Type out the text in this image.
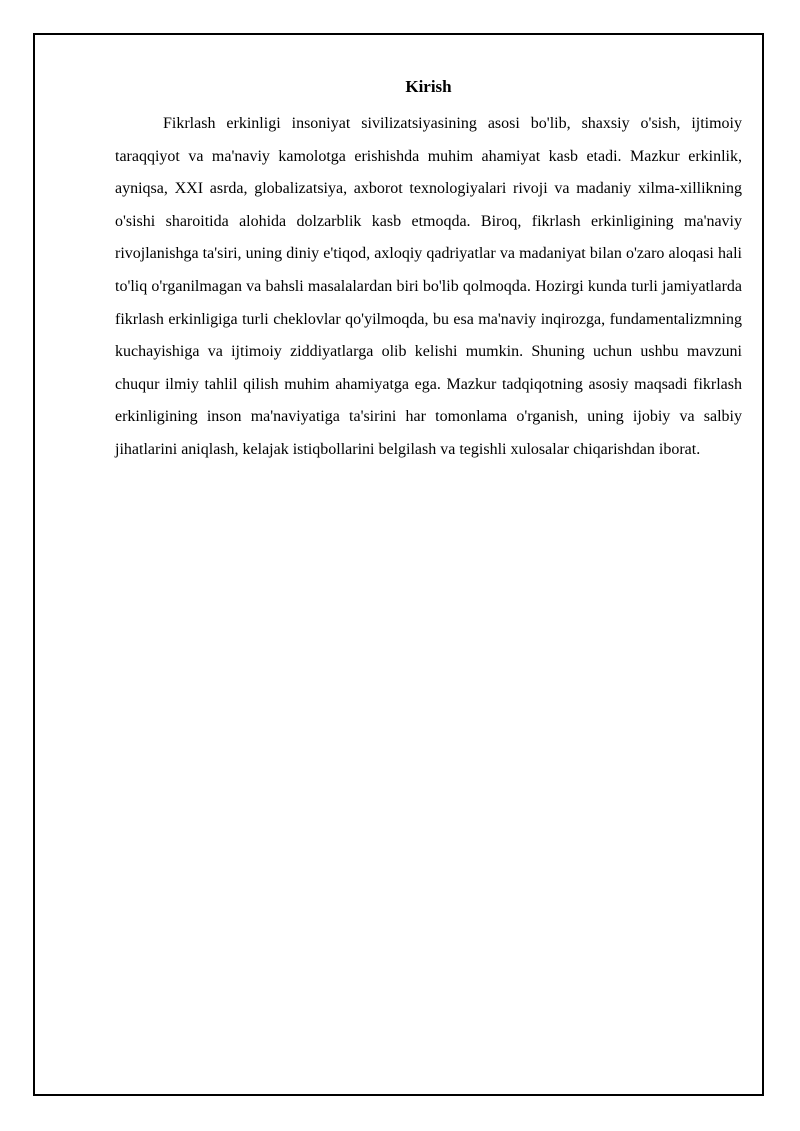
Kirish

Fikrlash erkinligi insoniyat sivilizatsiyasining asosi bo'lib, shaxsiy o'sish, ijtimoiy taraqqiyot va ma'naviy kamolotga erishishda muhim ahamiyat kasb etadi. Mazkur erkinlik, ayniqsa, XXI asrda, globalizatsiya, axborot texnologiyalari rivoji va madaniy xilma-xillikning o'sishi sharoitida alohida dolzarblik kasb etmoqda. Biroq, fikrlash erkinligining ma'naviy rivojlanishga ta'siri, uning diniy e'tiqod, axloqiy qadriyatlar va madaniyat bilan o'zaro aloqasi hali to'liq o'rganilmagan va bahsli masalalardan biri bo'lib qolmoqda. Hozirgi kunda turli jamiyatlarda fikrlash erkinligiga turli cheklovlar qo'yilmoqda, bu esa ma'naviy inqirozga, fundamentalizmning kuchayishiga va ijtimoiy ziddiyatlarga olib kelishi mumkin. Shuning uchun ushbu mavzuni chuqur ilmiy tahlil qilish muhim ahamiyatga ega. Mazkur tadqiqotning asosiy maqsadi fikrlash erkinligining inson ma'naviyatiga ta'sirini har tomonlama o'rganish, uning ijobiy va salbiy jihatlarini aniqlash, kelajak istiqbollarini belgilash va tegishli xulosalar chiqarishdan iborat.
